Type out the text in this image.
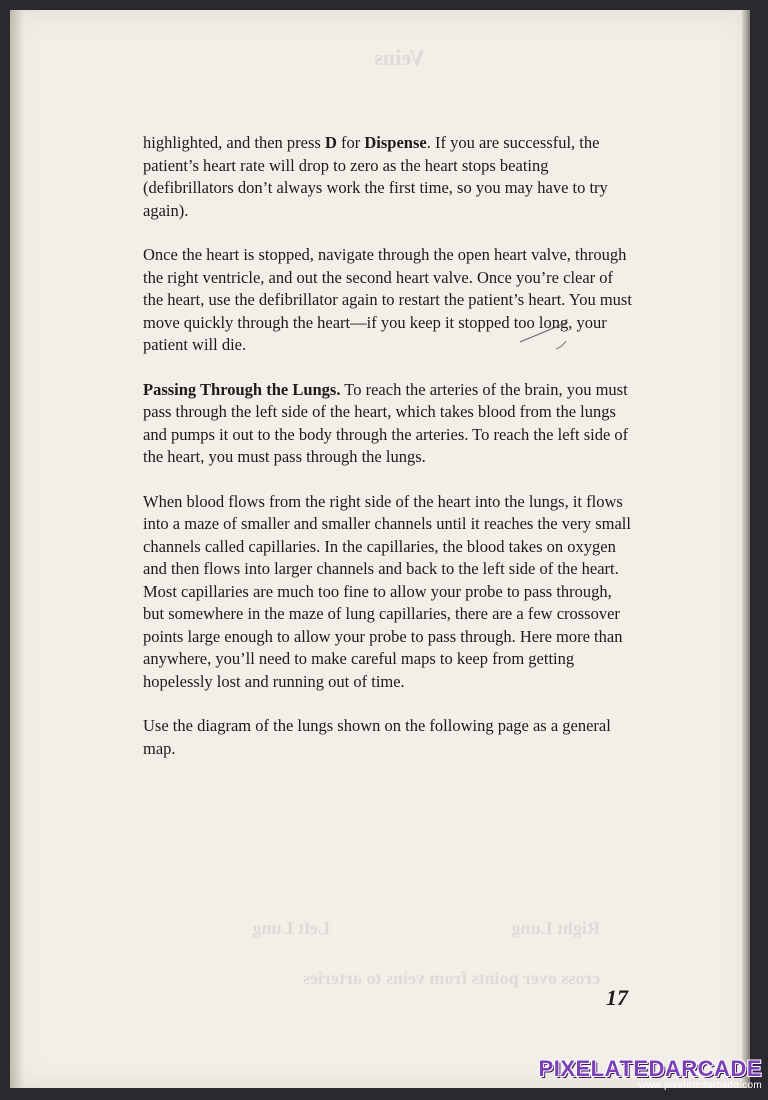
Veins
Right Lung
Left Lung
cross over points from veins to arteries

highlighted, and then press D for Dispense. If you are successful, the patient’s heart rate will drop to zero as the heart stops beating (defibrillators don’t always work the first time, so you may have to try again).

Once the heart is stopped, navigate through the open heart valve, through the right ventricle, and out the second heart valve. Once you’re clear of the heart, use the defibrillator again to restart the patient’s heart. You must move quickly through the heart—if you keep it stopped too long, your patient will die.

Passing Through the Lungs. To reach the arteries of the brain, you must pass through the left side of the heart, which takes blood from the lungs and pumps it out to the body through the arteries. To reach the left side of the heart, you must pass through the lungs.

When blood flows from the right side of the heart into the lungs, it flows into a maze of smaller and smaller channels until it reaches the very small channels called capillaries. In the capillaries, the blood takes on oxygen and then flows into larger channels and back to the left side of the heart. Most capillaries are much too fine to allow your probe to pass through, but somewhere in the maze of lung capillaries, there are a few crossover points large enough to allow your probe to pass through. Here more than anywhere, you’ll need to make careful maps to keep from getting hopelessly lost and running out of time.

Use the diagram of the lungs shown on the following page as a general map.

17
PIXELATEDARCADE
www.pixelatedarcade.com
